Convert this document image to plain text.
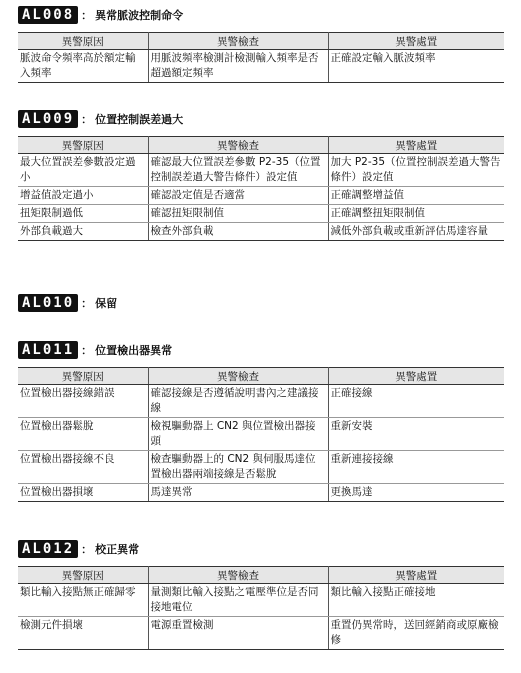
AL008 ： 異常脈波控制命令
異警原因	異警檢查	異警處置
脈波命令頻率高於額定輸入頻率	用脈波頻率檢測計檢測輸入頻率是否超過額定頻率	正確設定輸入脈波頻率
AL009 ： 位置控制誤差過大
異警原因	異警檢查	異警處置
最大位置誤差參數設定過小	確認最大位置誤差參數 P2-35（位置控制誤差過大警告條件）設定值	加大 P2-35（位置控制誤差過大警告條件）設定值
增益值設定過小	確認設定值是否適當	正確調整增益值
扭矩限制過低	確認扭矩限制值	正確調整扭矩限制值
外部負載過大	檢查外部負載	減低外部負載或重新評估馬達容量
AL010 ： 保留
AL011 ： 位置檢出器異常
異警原因	異警檢查	異警處置
位置檢出器接線錯誤	確認接線是否遵循說明書內之建議接線	正確接線
位置檢出器鬆脫	檢視驅動器上 CN2 與位置檢出器接頭	重新安裝
位置檢出器接線不良	檢查驅動器上的 CN2 與伺服馬達位置檢出器兩端接線是否鬆脫	重新連接接線
位置檢出器損壞	馬達異常	更換馬達
AL012 ： 校正異常
異警原因	異警檢查	異警處置
類比輸入接點無正確歸零	量測類比輸入接點之電壓準位是否同接地電位	類比輸入接點正確接地
檢測元件損壞	電源重置檢測	重置仍異常時，送回經銷商或原廠檢修
